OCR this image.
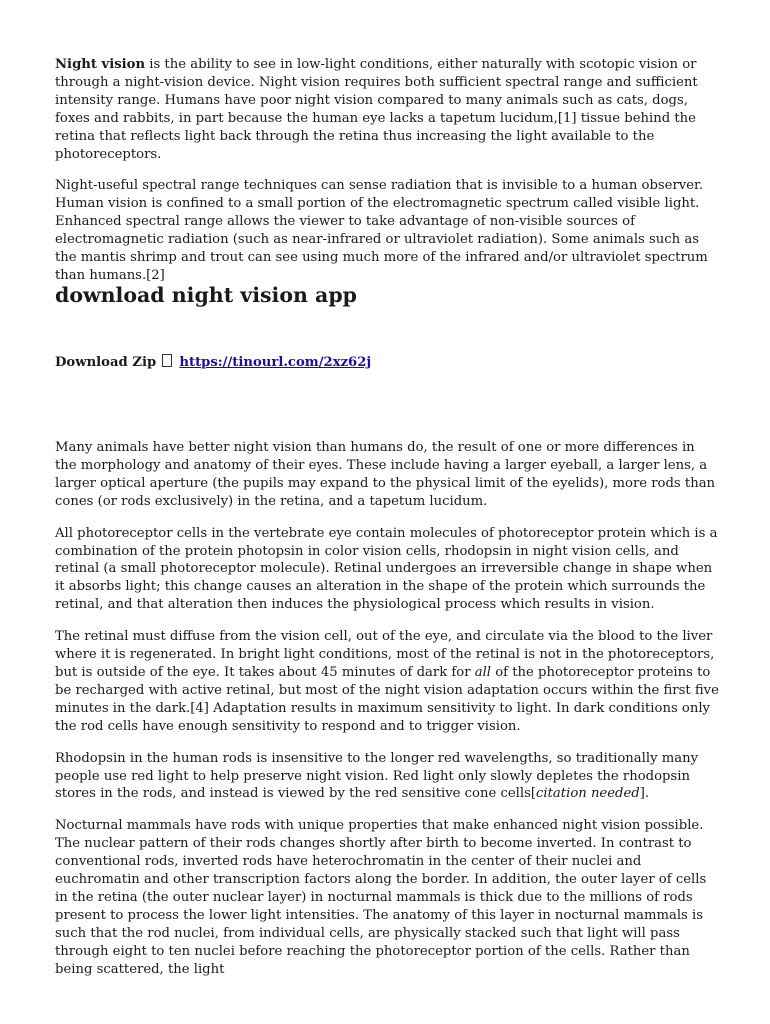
Night vision is the ability to see in low-light conditions, either naturally with scotopic vision or through a night-vision device. Night vision requires both sufficient spectral range and sufficient intensity range. Humans have poor night vision compared to many animals such as cats, dogs, foxes and rabbits, in part because the human eye lacks a tapetum lucidum,[1] tissue behind the retina that reflects light back through the retina thus increasing the light available to the photoreceptors.

Night-useful spectral range techniques can sense radiation that is invisible to a human observer. Human vision is confined to a small portion of the electromagnetic spectrum called visible light. Enhanced spectral range allows the viewer to take advantage of non-visible sources of electromagnetic radiation (such as near-infrared or ultraviolet radiation). Some animals such as the mantis shrimp and trout can see using much more of the infrared and/or ultraviolet spectrum than humans.[2]

download night vision app
Download Zip https://tinourl.com/2xz62j

Many animals have better night vision than humans do, the result of one or more differences in the morphology and anatomy of their eyes. These include having a larger eyeball, a larger lens, a larger optical aperture (the pupils may expand to the physical limit of the eyelids), more rods than cones (or rods exclusively) in the retina, and a tapetum lucidum.

All photoreceptor cells in the vertebrate eye contain molecules of photoreceptor protein which is a combination of the protein photopsin in color vision cells, rhodopsin in night vision cells, and retinal (a small photoreceptor molecule). Retinal undergoes an irreversible change in shape when it absorbs light; this change causes an alteration in the shape of the protein which surrounds the retinal, and that alteration then induces the physiological process which results in vision.

The retinal must diffuse from the vision cell, out of the eye, and circulate via the blood to the liver where it is regenerated. In bright light conditions, most of the retinal is not in the photoreceptors, but is outside of the eye. It takes about 45 minutes of dark for all of the photoreceptor proteins to be recharged with active retinal, but most of the night vision adaptation occurs within the first five minutes in the dark.[4] Adaptation results in maximum sensitivity to light. In dark conditions only the rod cells have enough sensitivity to respond and to trigger vision.

Rhodopsin in the human rods is insensitive to the longer red wavelengths, so traditionally many people use red light to help preserve night vision. Red light only slowly depletes the rhodopsin stores in the rods, and instead is viewed by the red sensitive cone cells[citation needed].

Nocturnal mammals have rods with unique properties that make enhanced night vision possible. The nuclear pattern of their rods changes shortly after birth to become inverted. In contrast to conventional rods, inverted rods have heterochromatin in the center of their nuclei and euchromatin and other transcription factors along the border. In addition, the outer layer of cells in the retina (the outer nuclear layer) in nocturnal mammals is thick due to the millions of rods present to process the lower light intensities. The anatomy of this layer in nocturnal mammals is such that the rod nuclei, from individual cells, are physically stacked such that light will pass through eight to ten nuclei before reaching the photoreceptor portion of the cells. Rather than being scattered, the light
